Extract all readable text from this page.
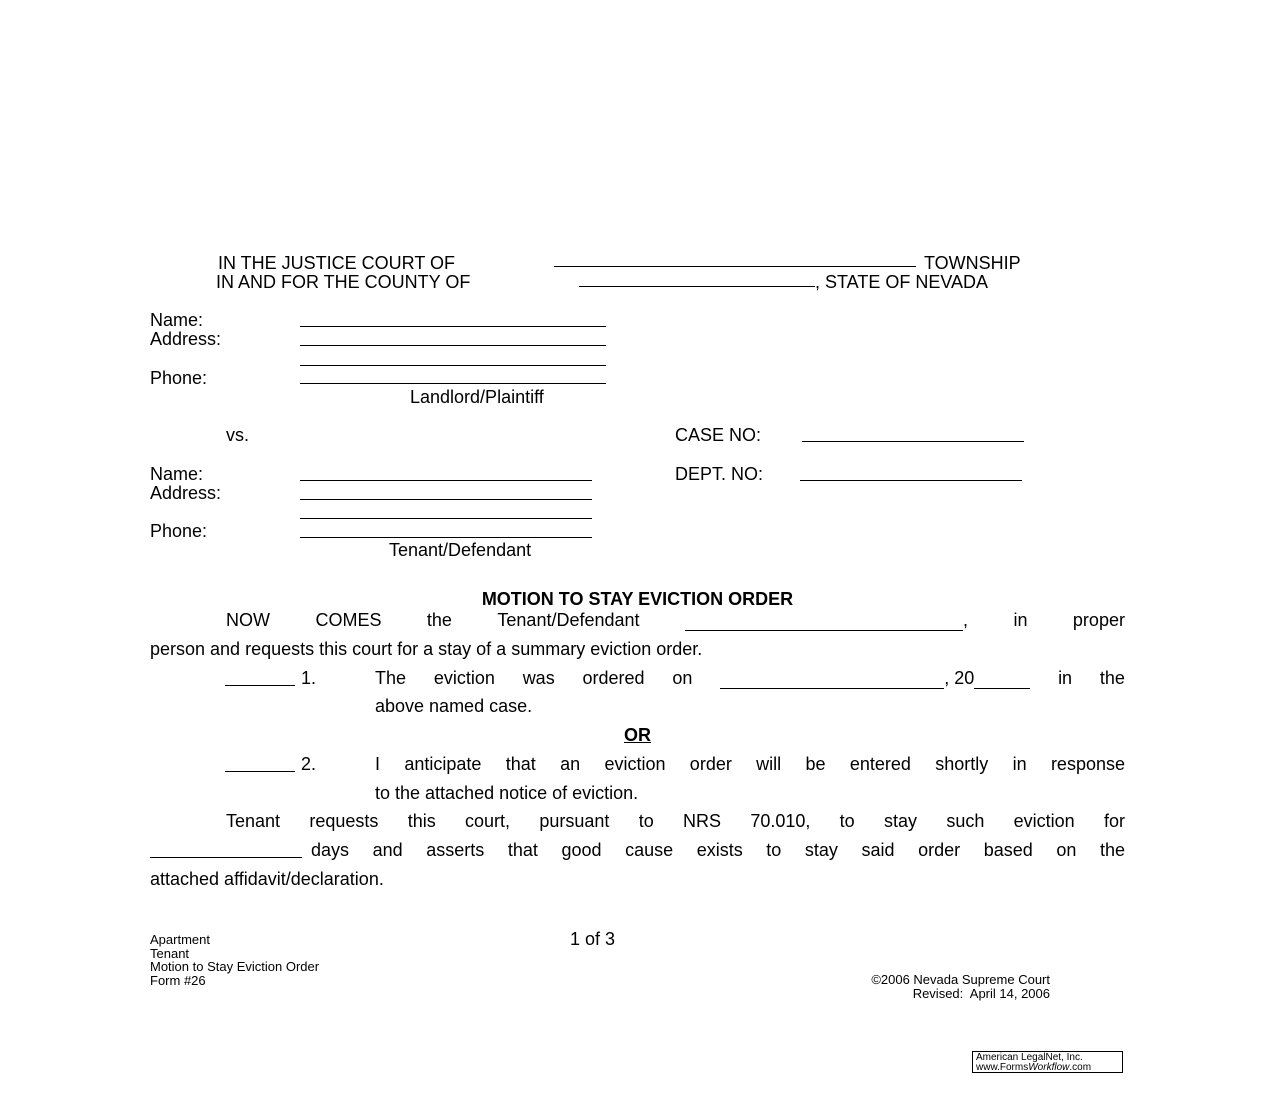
IN THE JUSTICE COURT OF	TOWNSHIP
IN AND FOR THE COUNTY OF	, STATE OF NEVADA
Name:
Address:
Phone:
Landlord/Plaintiff
vs.	CASE NO:
DEPT. NO:
Name:
Address:
Phone:
Tenant/Defendant
MOTION TO STAY EVICTION ORDER
NOW	COMES	the	Tenant/Defendant	,	in	proper
person and requests this court for a stay of a summary eviction order.
1.	The eviction was ordered on	, 20	in the
above named case.
OR
2.	I anticipate that an eviction order will be entered shortly in response
to the attached notice of eviction.
Tenant requests this court, pursuant to NRS 70.010, to stay such eviction for
days and asserts that good cause exists to stay said order based on the
attached affidavit/declaration.
Apartment
Tenant
Motion to Stay Eviction Order
Form #26
1 of 3
©2006 Nevada Supreme Court
Revised:  April 14, 2006
American LegalNet, Inc.
www.FormsWorkflow.com
